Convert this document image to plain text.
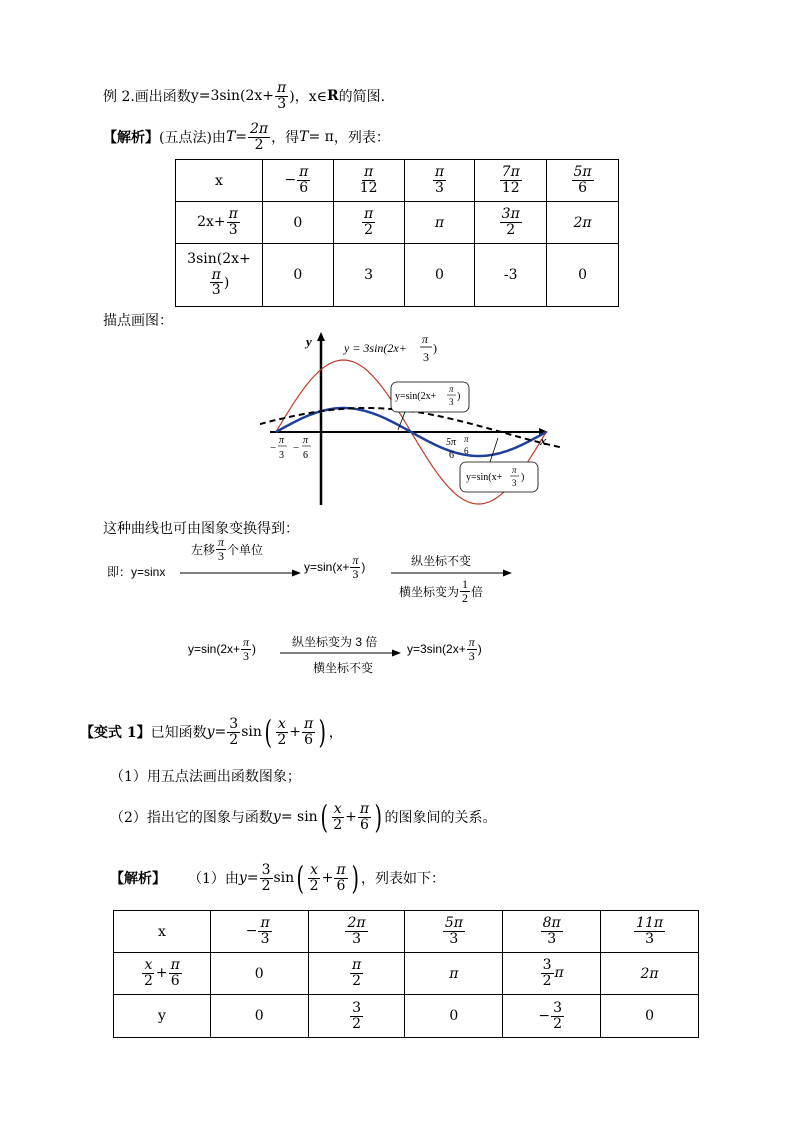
例 2.画出函数 $y=3\sin(2x+ \frac{\pi}{3}$ )，x∈ R 的简图.
【解析】 (五点法)由 $T = \frac{2\pi}{2}$ ，得 T = π ，列表：
x	− $\frac{\pi}{6}$	$\frac{\pi}{12}$	$\frac{\pi}{3}$	$\frac{7\pi}{12}$	$\frac{5\pi}{6}$

$2x+ \frac{\pi}{3}$	0	$\frac{\pi}{2}$	π	$\frac{3\pi}{2}$	2π

3sin(2x+
$\frac{\pi}{3}$ )	0	3	0	-3	0
描点画图：
y
x
y = 3sin(2x+
π
3
)
y=sin(2x+
π
3 )
y=sin(x+
π
3 )
−
π
3
−
π
6
5π
6
π
6
这种曲线也可由图象变换得到：
即：y=sinx
左移 $\frac{\pi}{3}$ 个单位
$y=\sin(x+ \frac{\pi}{3}$ )	纵坐标不变
横坐标变为 $\frac{1}{2}$ 倍
$y=\sin(2x+ \frac{\pi}{3}$ )
纵坐标变为 3 倍
横坐标不变
$y=3\sin(2x+ \frac{\pi}{3}$ )
【变式 1】 已知函数 $y = \frac{3}{2}$ sin ( $\frac{x}{2} + \frac{\pi}{6}$ ) ，
（1）用五点法画出函数图象；
（2）指出它的图象与函数 y = sin ( $\frac{x}{2} + \frac{\pi}{6}$ ) 的图象间的关系。
【解析】 （1）由 $y = \frac{3}{2}$ sin ( $\frac{x}{2} + \frac{\pi}{6}$ ) ，列表如下：
x	− $\frac{\pi}{3}$	$\frac{2\pi}{3}$	$\frac{5\pi}{3}$	$\frac{8\pi}{3}$	$\frac{11\pi}{3}$

$\frac{x}{2} + \frac{\pi}{6}$	0	$\frac{\pi}{2}$	π	$\frac{3}{2}$ π	2π
y	0	$\frac{3}{2}$	0	− $\frac{3}{2}$	0
